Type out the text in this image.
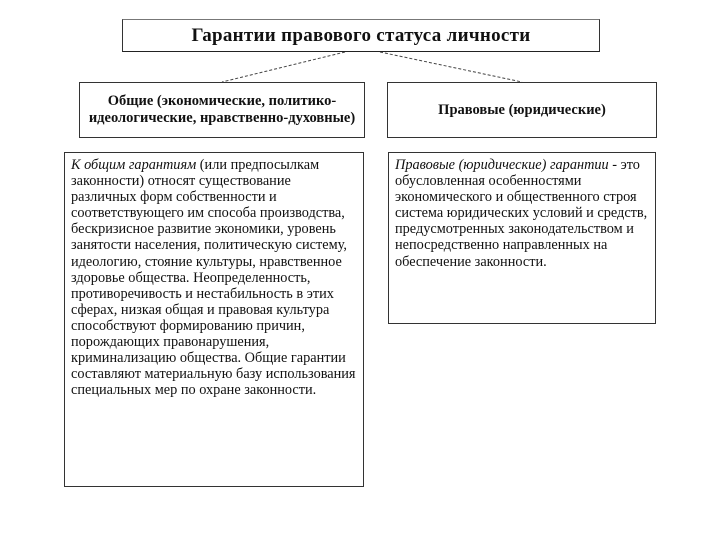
Гарантии правового статуса личности
Общие (экономические, политико-идеологические, нравственно-духовные)
Правовые (юридические)
К общим гарантиям (или предпосылкам законности) относят существование различных форм собственности и соответствующего им способа производства, бескризисное развитие экономики, уровень занятости населения, политическую систему, идеологию, стояние культуры, нравственное здоровье общества. Неопределенность, противоречивость и нестабильность в этих сферах, низкая общая и правовая культура способствуют формированию причин, порождающих правонарушения, криминализацию общества. Общие гарантии составляют материальную базу использования специальных мер по охране законности.
Правовые (юридические) гарантии - это обусловленная особенностями экономического и общественного строя система юридических условий и средств, предусмотренных законодательством и непосредственно направленных на обеспечение законности.
